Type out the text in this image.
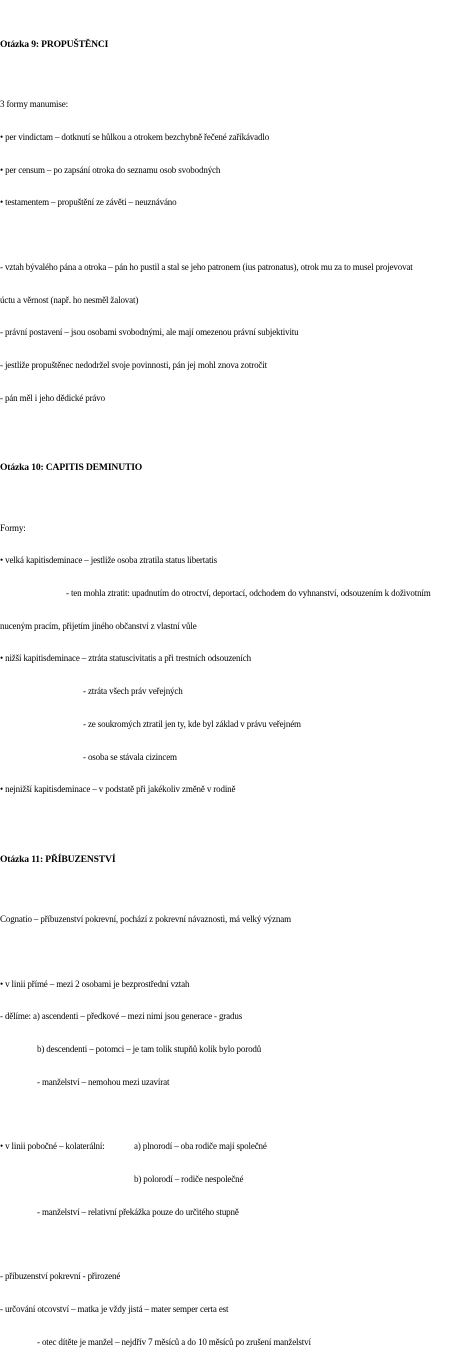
Otázka 9: PROPUŠTĚNCI

3 formy manumise:

• per vindictam – dotknutí se hůlkou a otrokem bezchybně řečené zaříkávadlo

• per censum – po zapsání otroka do seznamu osob svobodných

• testamentem – propuštění ze závěti – neuznáváno

- vztah bývalého pána a otroka – pán ho pustil a stal se jeho patronem (ius patronatus), otrok mu za to musel projevovat

úctu a věrnost (např. ho nesměl žalovat)

- právní postavení – jsou osobami svobodnými, ale mají omezenou právní subjektivitu

- jestliže propuštěnec nedodržel svoje povinnosti, pán jej mohl znova zotročit

- pán měl i jeho dědické právo

Otázka 10: CAPITIS DEMINUTIO

Formy:

• velká kapitisdeminace – jestliže osoba ztratila status libertatis

- ten mohla ztratit: upadnutím do otroctví, deportací, odchodem do vyhnanství, odsouzením k doživotním

nuceným pracím, přijetím jiného občanství z vlastní vůle

• nižší kapitisdeminace – ztráta statuscivitatis a při trestních odsouzeních

- ztráta všech práv veřejných

- ze soukromých ztratil jen ty, kde byl základ v právu veřejném

- osoba se stávala cizincem

• nejnižší kapitisdeminace – v podstatě při jakékoliv změně v rodině

Otázka 11: PŘÍBUZENSTVÍ

Cognatio – příbuzenství pokrevní, pochází z pokrevní návaznosti, má velký význam

• v linii přímé – mezi 2 osobami je bezprostřední vztah

- dělíme: a) ascendenti – předkové – mezi nimi jsou generace - gradus

b) descendenti – potomci – je tam tolik stupňů kolik bylo porodů

- manželství – nemohou mezi uzavírat

• v linii pobočné – kolaterální:	a) plnorodí – oba rodiče mají společné

b) polorodí – rodiče nespolečné

- manželství – relativní překážka pouze do určitého stupně

- příbuzenství pokrevní - přirozené

- určování otcovství – matka je vždy jistá – mater semper certa est

- otec dítěte je manžel – nejdřív 7 měsíců a do 10 měsíců po zrušení manželství
